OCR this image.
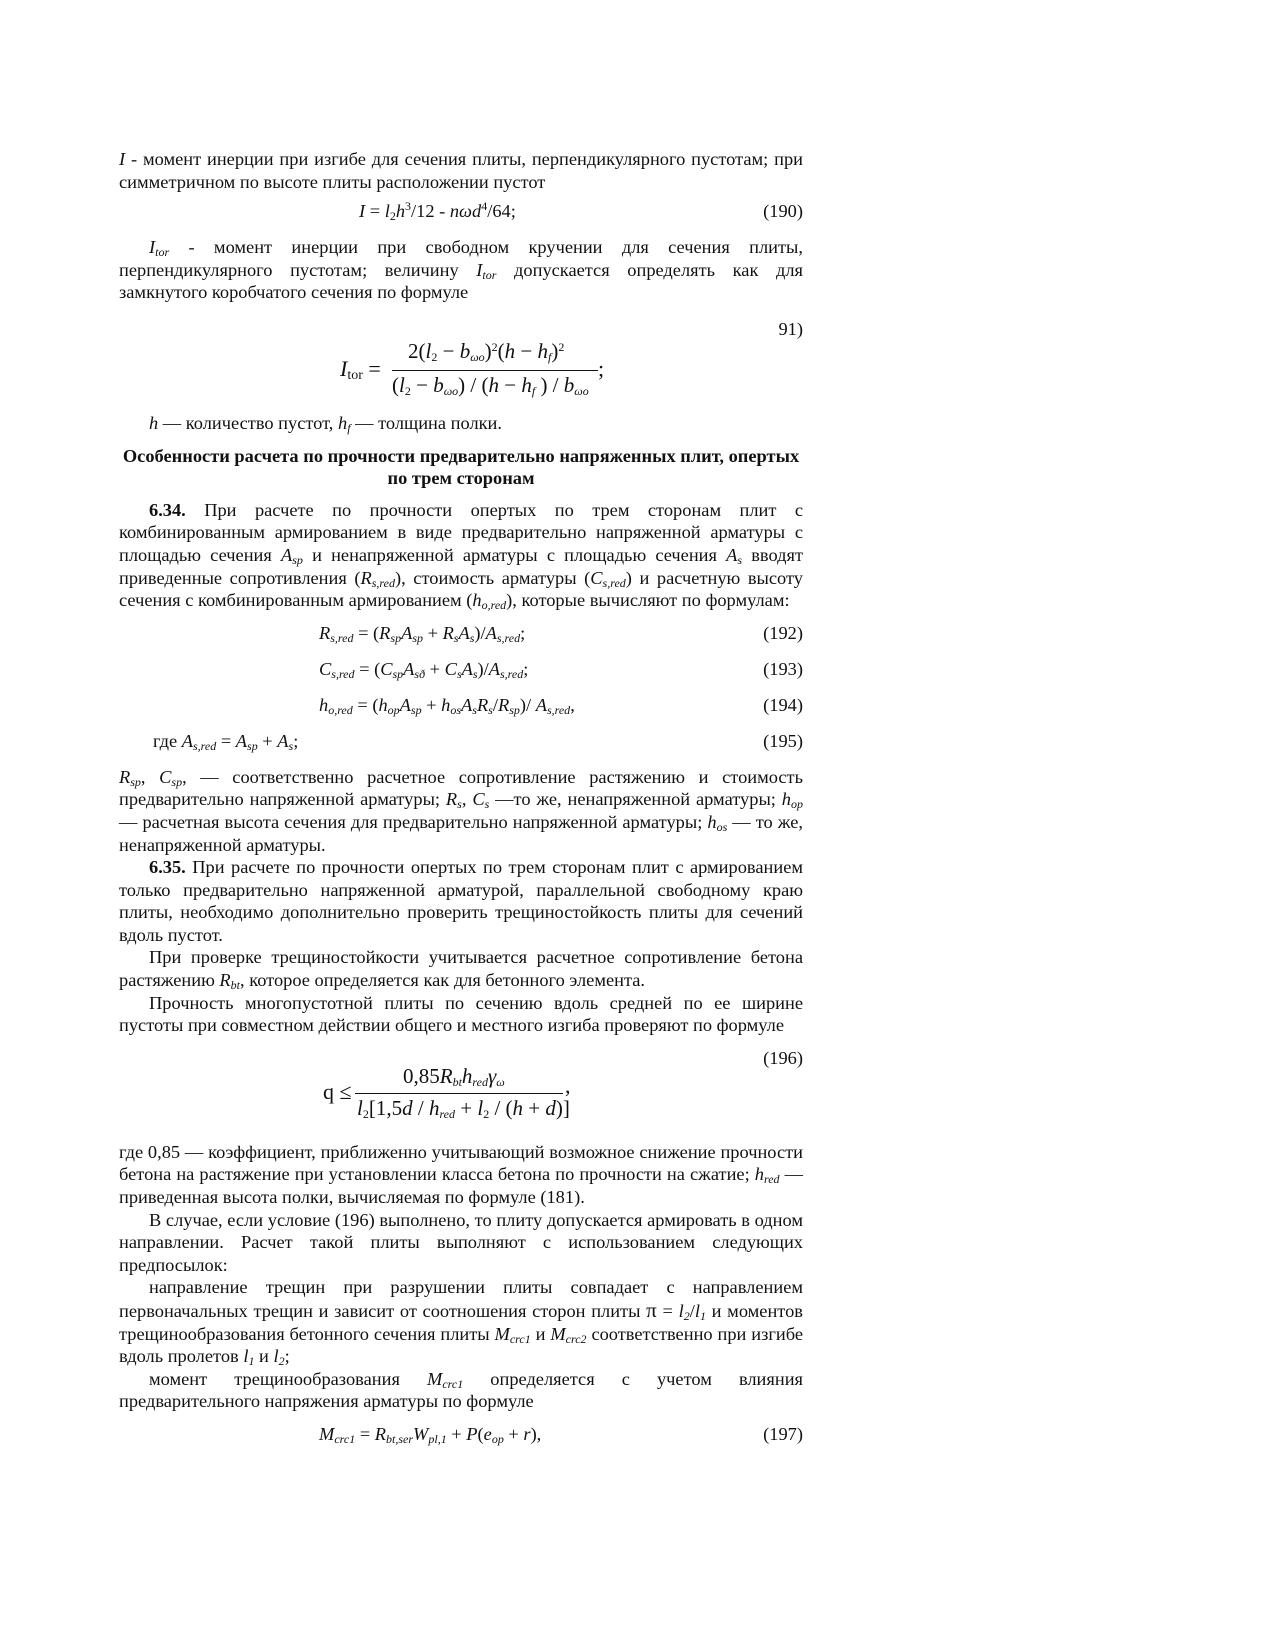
I - момент инерции при изгибе для сечения плиты, перпендикулярного пустотам; при симметричном по высоте плиты расположении пустот

$I = l_2h^3/12 - n\omega d^4/64$;	(190)

$I_{tor}$ - момент инерции при свободном кручении для сечения плиты, перпендикулярного пустотам; величину $I_{tor}$ допускается определять как для замкнутого коробчатого сечения по формуле

91)
$I_{tor}$ =
$2(l_2 - b_{\omega o})^2(h - h_f)^2$
$(l_2 - b_{\omega o}) / (h - h_f$ ) / $b_{\omega o}$
;

h — количество пустот, $h_f$ — толщина полки.

Особенности расчета по прочности предварительно напряженных плит, опертых по трем сторонам

6.34. При расчете по прочности опертых по трем сторонам плит с комбинированным армированием в виде предварительно напряженной арматуры с площадью сечения $A_{sp}$ и ненапряженной арматуры с площадью сечения $A_s$ вводят приведенные сопротивления $(R_{s,red})$, стоимость арматуры $(C_{s,red})$ и расчетную высоту сечения с комбинированным армированием $(h_{o,red})$, которые вычисляют по формулам:

$R_{s,red} = (R_{sp}A_{sp} + R_sA_s)/A_{s,red}$;	(192)
$C_{s,red} = (C_{sp}A_{sð} + C_sA_s)/A_{s,red}$;	(193)
$h_{o,red} = (h_{op}A_{sp} + h_{os}A_sR_s/R_{sp})/$ $A_{s,red}$,	(194)
где $A_{s,red} = A_{sp} + A_s$;	(195)

$R_{sp}$, $C_{sp}$, — соответственно расчетное сопротивление растяжению и стоимость предварительно напряженной арматуры; $R_s$, $C_s$ —то же, ненапряженной арматуры; $h_{op}$ — расчетная высота сечения для предварительно напряженной арматуры; $h_{os}$ — то же, ненапряженной арматуры.

6.35. При расчете по прочности опертых по трем сторонам плит с армированием только предварительно напряженной арматурой, параллельной свободному краю плиты, необходимо дополнительно проверить трещиностойкость плиты для сечений вдоль пустот.

При проверке трещиностойкости учитывается расчетное сопротивление бетона растяжению $R_{bt}$, которое определяется как для бетонного элемента.

Прочность многопустотной плиты по сечению вдоль средней по ее ширине пустоты при совместном действии общего и местного изгиба проверяют по формуле

(196)
q ≤
$0,85R_{bt}h_{red}\gamma_\omega$
$l_2[1,5d / h_{red} + l_2 / (h + d)]$
,

где 0,85 — коэффициент, приближенно учитывающий возможное снижение прочности бетона на растяжение при установлении класса бетона по прочности на сжатие; $h_{red}$ — приведенная высота полки, вычисляемая по формуле (181).

В случае, если условие (196) выполнено, то плиту допускается армировать в одном направлении. Расчет такой плиты выполняют с использованием следующих предпосылок:

направление трещин при разрушении плиты совпадает с направлением первоначальных трещин и зависит от соотношения сторон плиты $\pi = l_2/l_1$ и моментов трещинообразования бетонного сечения плиты $M_{crc1}$ и $M_{crc2}$ соответственно при изгибе вдоль пролетов $l_1$ и $l_2$;

момент трещинообразования $M_{crc1}$ определяется с учетом влияния предварительного напряжения арматуры по формуле

$M_{crc1} = R_{bt,ser}W_{pl,1} + P(e_{op} + r)$,	(197)
